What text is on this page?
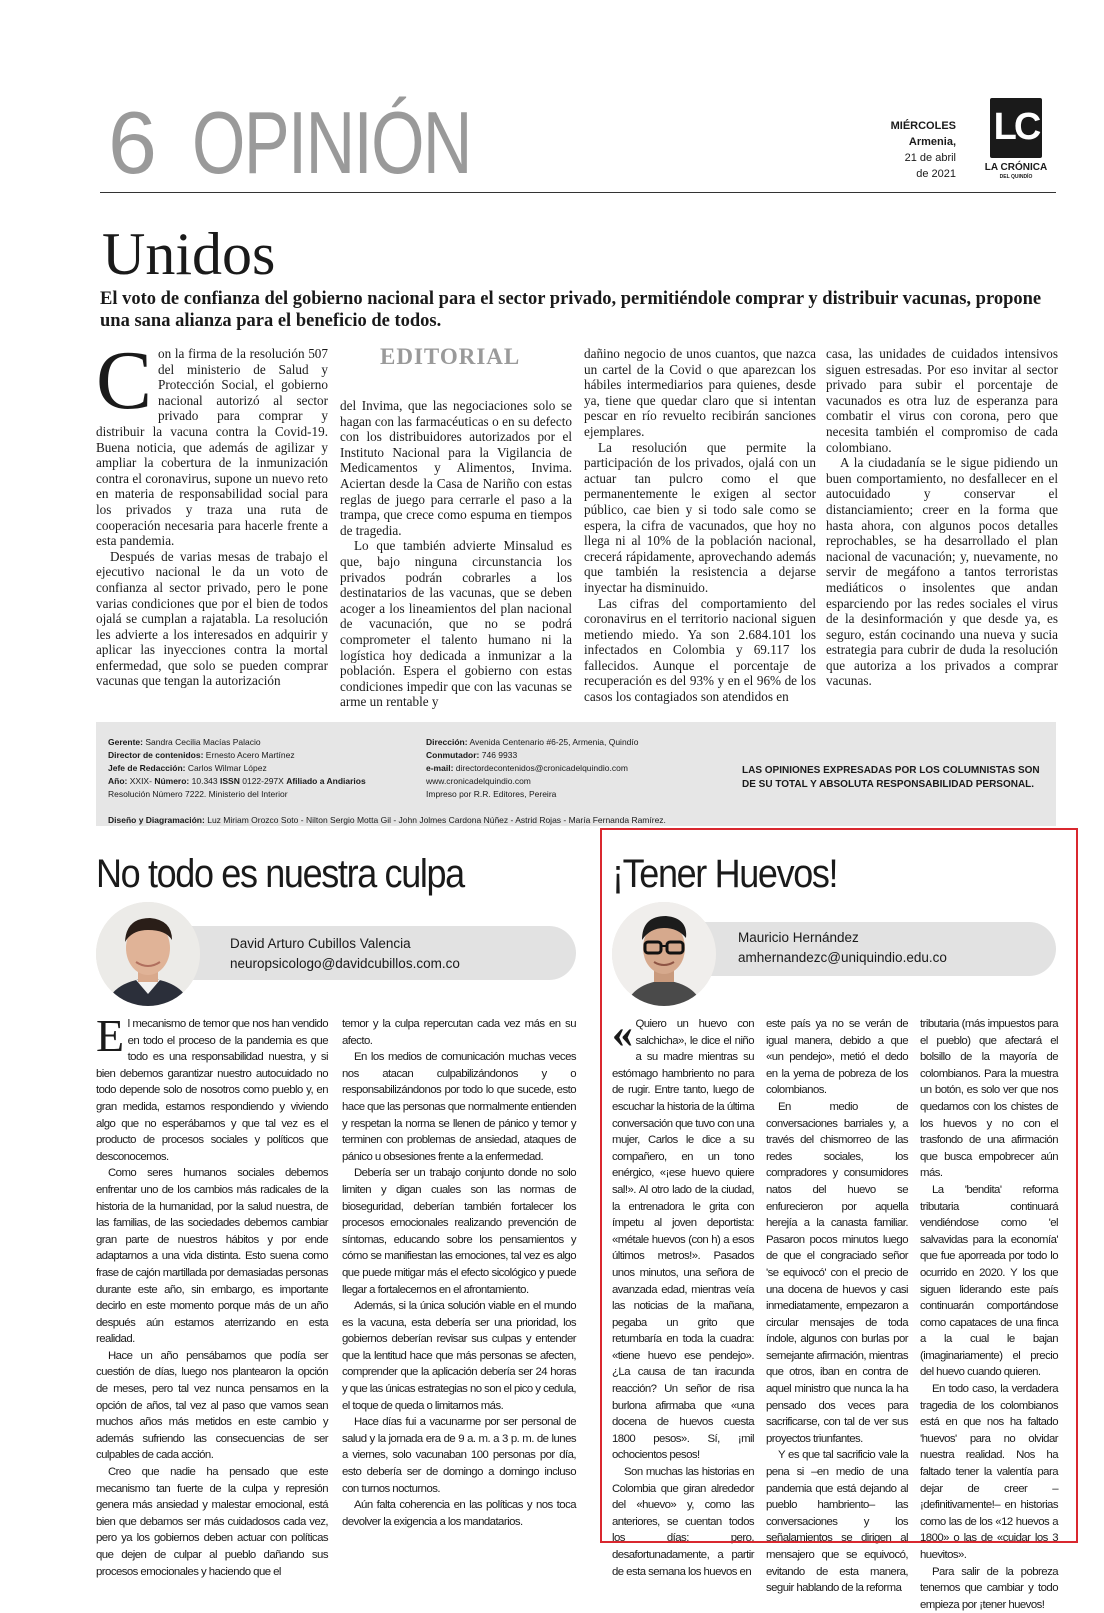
6 OPINIÓN	MIÉRCOLES
Armenia,
21 de abril
de 2021
LC
LA CRÓNICA
DEL QUINDÍO
Unidos
El voto de confianza del gobierno nacional para el sector privado, permitiéndole comprar y distribuir vacunas, propone una sana alianza para el beneficio de todos.
EDITORIAL
C on la firma de la resolución 507 del ministerio de Salud y Protección Social, el gobierno nacional autorizó al sector privado para comprar y distribuir la vacuna contra la Covid-19. Buena noticia, que además de agilizar y ampliar la cobertura de la inmunización contra el coronavirus, supone un nuevo reto en materia de responsabilidad social para los privados y traza una ruta de cooperación necesaria para hacerle frente a esta pandemia.

Después de varias mesas de trabajo el ejecutivo nacional le da un voto de confianza al sector privado, pero le pone varias condiciones que por el bien de todos ojalá se cumplan a rajatabla. La resolución les advierte a los interesados en adquirir y aplicar las inyecciones contra la mortal enfermedad, que solo se pueden comprar vacunas que tengan la autorización

del Invima, que las negociaciones solo se hagan con las farmacéuticas o en su defecto con los distribuidores autorizados por el Instituto Nacional para la Vigilancia de Medicamentos y Alimentos, Invima. Aciertan desde la Casa de Nariño con estas reglas de juego para cerrarle el paso a la trampa, que crece como espuma en tiempos de tragedia.

Lo que también advierte Minsalud es que, bajo ninguna circunstancia los privados podrán cobrarles a los destinatarios de las vacunas, que se deben acoger a los lineamientos del plan nacional de vacunación, que no se podrá comprometer el talento humano ni la logística hoy dedicada a inmunizar a la población. Espera el gobierno con estas condiciones impedir que con las vacunas se arme un rentable y

dañino negocio de unos cuantos, que nazca un cartel de la Covid o que aparezcan los hábiles intermediarios para quienes, desde ya, tiene que quedar claro que si intentan pescar en río revuelto recibirán sanciones ejemplares.

La resolución que permite la participación de los privados, ojalá con un actuar tan pulcro como el que permanentemente le exigen al sector público, cae bien y si todo sale como se espera, la cifra de vacunados, que hoy no llega ni al 10% de la población nacional, crecerá rápidamente, aprovechando además que también la resistencia a dejarse inyectar ha disminuido.

Las cifras del comportamiento del coronavirus en el territorio nacional siguen metiendo miedo. Ya son 2.684.101 los infectados en Colombia y 69.117 los fallecidos. Aunque el porcentaje de recuperación es del 93% y en el 96% de los casos los contagiados son atendidos en

casa, las unidades de cuidados intensivos siguen estresadas. Por eso invitar al sector privado para subir el porcentaje de vacunados es otra luz de esperanza para combatir el virus con corona, pero que necesita también el compromiso de cada colombiano.

A la ciudadanía se le sigue pidiendo un buen comportamiento, no desfallecer en el autocuidado y conservar el distanciamiento; creer en la forma que hasta ahora, con algunos pocos detalles reprochables, se ha desarrollado el plan nacional de vacunación; y, nuevamente, no servir de megáfono a tantos terroristas mediáticos o insolentes que andan esparciendo por las redes sociales el virus de la desinformación y que desde ya, es seguro, están cocinando una nueva y sucia estrategia para cubrir de duda la resolución que autoriza a los privados a comprar vacunas.

Gerente: Sandra Cecilia Macías Palacio
Director de contenidos: Ernesto Acero Martínez
Jefe de Redacción: Carlos Wilmar López
Año: XXIX- Número: 10.343 ISSN 0122-297X Afiliado a Andiarios
Resolución Número 7222. Ministerio del Interior
Dirección: Avenida Centenario #6-25, Armenia, Quindío
Conmutador: 746 9933
e-mail: directordecontenidos@cronicadelquindio.com
www.cronicadelquindio.com
Impreso por R.R. Editores, Pereira
LAS OPINIONES EXPRESADAS POR LOS COLUMNISTAS SON DE SU TOTAL Y ABSOLUTA RESPONSABILIDAD PERSONAL.
Diseño y Diagramación: Luz Miriam Orozco Soto - Nilton Sergio Motta Gil - John Jolmes Cardona Núñez - Astrid Rojas - María Fernanda Ramírez.
No todo es nuestra culpa
David Arturo Cubillos Valencia
neuropsicologo@davidcubillos.com.co
E l mecanismo de temor que nos han vendido en todo el proceso de la pandemia es que todo es una responsabilidad nuestra, y si bien debemos garantizar nuestro autocuidado no todo depende solo de nosotros como pueblo y, en gran medida, estamos respondiendo y viviendo algo que no esperábamos y que tal vez es el producto de procesos sociales y políticos que desconocemos.

Como seres humanos sociales debemos enfrentar uno de los cambios más radicales de la historia de la humanidad, por la salud nuestra, de las familias, de las sociedades debemos cambiar gran parte de nuestros hábitos y por ende adaptarnos a una vida distinta. Esto suena como frase de cajón martillada por demasiadas personas durante este año, sin embargo, es importante decirlo en este momento porque más de un año después aún estamos aterrizando en esta realidad.

Hace un año pensábamos que podía ser cuestión de días, luego nos plantearon la opción de meses, pero tal vez nunca pensamos en la opción de años, tal vez al paso que vamos sean muchos años más metidos en este cambio y además sufriendo las consecuencias de ser culpables de cada acción.

Creo que nadie ha pensado que este mecanismo tan fuerte de la culpa y represión genera más ansiedad y malestar emocional, está bien que debamos ser más cuidadosos cada vez, pero ya los gobiernos deben actuar con políticas que dejen de culpar al pueblo dañando sus procesos emocionales y haciendo que el

temor y la culpa repercutan cada vez más en su afecto.

En los medios de comunicación muchas veces nos atacan culpabilizándonos y o responsabilizándonos por todo lo que sucede, esto hace que las personas que normalmente entienden y respetan la norma se llenen de pánico y temor y terminen con problemas de ansiedad, ataques de pánico u obsesiones frente a la enfermedad.

Debería ser un trabajo conjunto donde no solo limiten y digan cuales son las normas de bioseguridad, deberían también fortalecer los procesos emocionales realizando prevención de síntomas, educando sobre los pensamientos y cómo se manifiestan las emociones, tal vez es algo que puede mitigar más el efecto sicológico y puede llegar a fortalecernos en el afrontamiento.

Además, si la única solución viable en el mundo es la vacuna, esta debería ser una prioridad, los gobiernos deberían revisar sus culpas y entender que la lentitud hace que más personas se afecten, comprender que la aplicación debería ser 24 horas y que las únicas estrategias no son el pico y cedula, el toque de queda o limitarnos más.

Hace días fui a vacunarme por ser personal de salud y la jornada era de 9 a. m. a 3 p. m. de lunes a viernes, solo vacunaban 100 personas por día, esto debería ser de domingo a domingo incluso con turnos nocturnos.

Aún falta coherencia en las políticas y nos toca devolver la exigencia a los mandatarios.

¡Tener Huevos!
Mauricio Hernández
amhernandezc@uniquindio.edu.co
« Quiero un huevo con salchicha», le dice el niño a su madre mientras su estómago hambriento no para de rugir. Entre tanto, luego de escuchar la historia de la última conversación que tuvo con una mujer, Carlos le dice a su compañero, en un tono enérgico, «¡ese huevo quiere sal!». Al otro lado de la ciudad, la entrenadora le grita con ímpetu al joven deportista: «métale huevos (con h) a esos últimos metros!». Pasados unos minutos, una señora de avanzada edad, mientras veía las noticias de la mañana, pegaba un grito que retumbaría en toda la cuadra: «tiene huevo ese pendejo». ¿La causa de tan iracunda reacción? Un señor de risa burlona afirmaba que «una docena de huevos cuesta 1800 pesos». Sí, ¡mil ochocientos pesos!

Son muchas las historias en Colombia que giran alrededor del «huevo» y, como las anteriores, se cuentan todos los días; pero, desafortunadamente, a partir de esta semana los huevos en

este país ya no se verán de igual manera, debido a que «un pendejo», metió el dedo en la yema de pobreza de los colombianos.

En medio de conversaciones barriales y, a través del chismorreo de las redes sociales, los compradores y consumidores natos del huevo se enfurecieron por aquella herejía a la canasta familiar. Pasaron pocos minutos luego de que el congraciado señor 'se equivocó' con el precio de una docena de huevos y casi inmediatamente, empezaron a circular mensajes de toda índole, algunos con burlas por semejante afirmación, mientras que otros, iban en contra de aquel ministro que nunca la ha pensado dos veces para sacrificarse, con tal de ver sus proyectos triunfantes.

Y es que tal sacrificio vale la pena si –en medio de una pandemia que está dejando al pueblo hambriento– las conversaciones y los señalamientos se dirigen al mensajero que se equivocó, evitando de esta manera, seguir hablando de la reforma

tributaria (más impuestos para el pueblo) que afectará el bolsillo de la mayoría de colombianos. Para la muestra un botón, es solo ver que nos quedamos con los chistes de los huevos y no con el trasfondo de una afirmación que busca empobrecer aún más.

La 'bendita' reforma tributaria continuará vendiéndose como 'el salvavidas para la economía' que fue aporreada por todo lo ocurrido en 2020. Y los que siguen liderando este país continuarán comportándose como capataces de una finca a la cual le bajan (imaginariamente) el precio del huevo cuando quieren.

En todo caso, la verdadera tragedia de los colombianos está en que nos ha faltado 'huevos' para no olvidar nuestra realidad. Nos ha faltado tener la valentía para dejar de creer –¡definitivamente!– en historias como las de los «12 huevos a 1800» o las de «cuidar los 3 huevitos».

Para salir de la pobreza tenemos que cambiar y todo empieza por ¡tener huevos!
